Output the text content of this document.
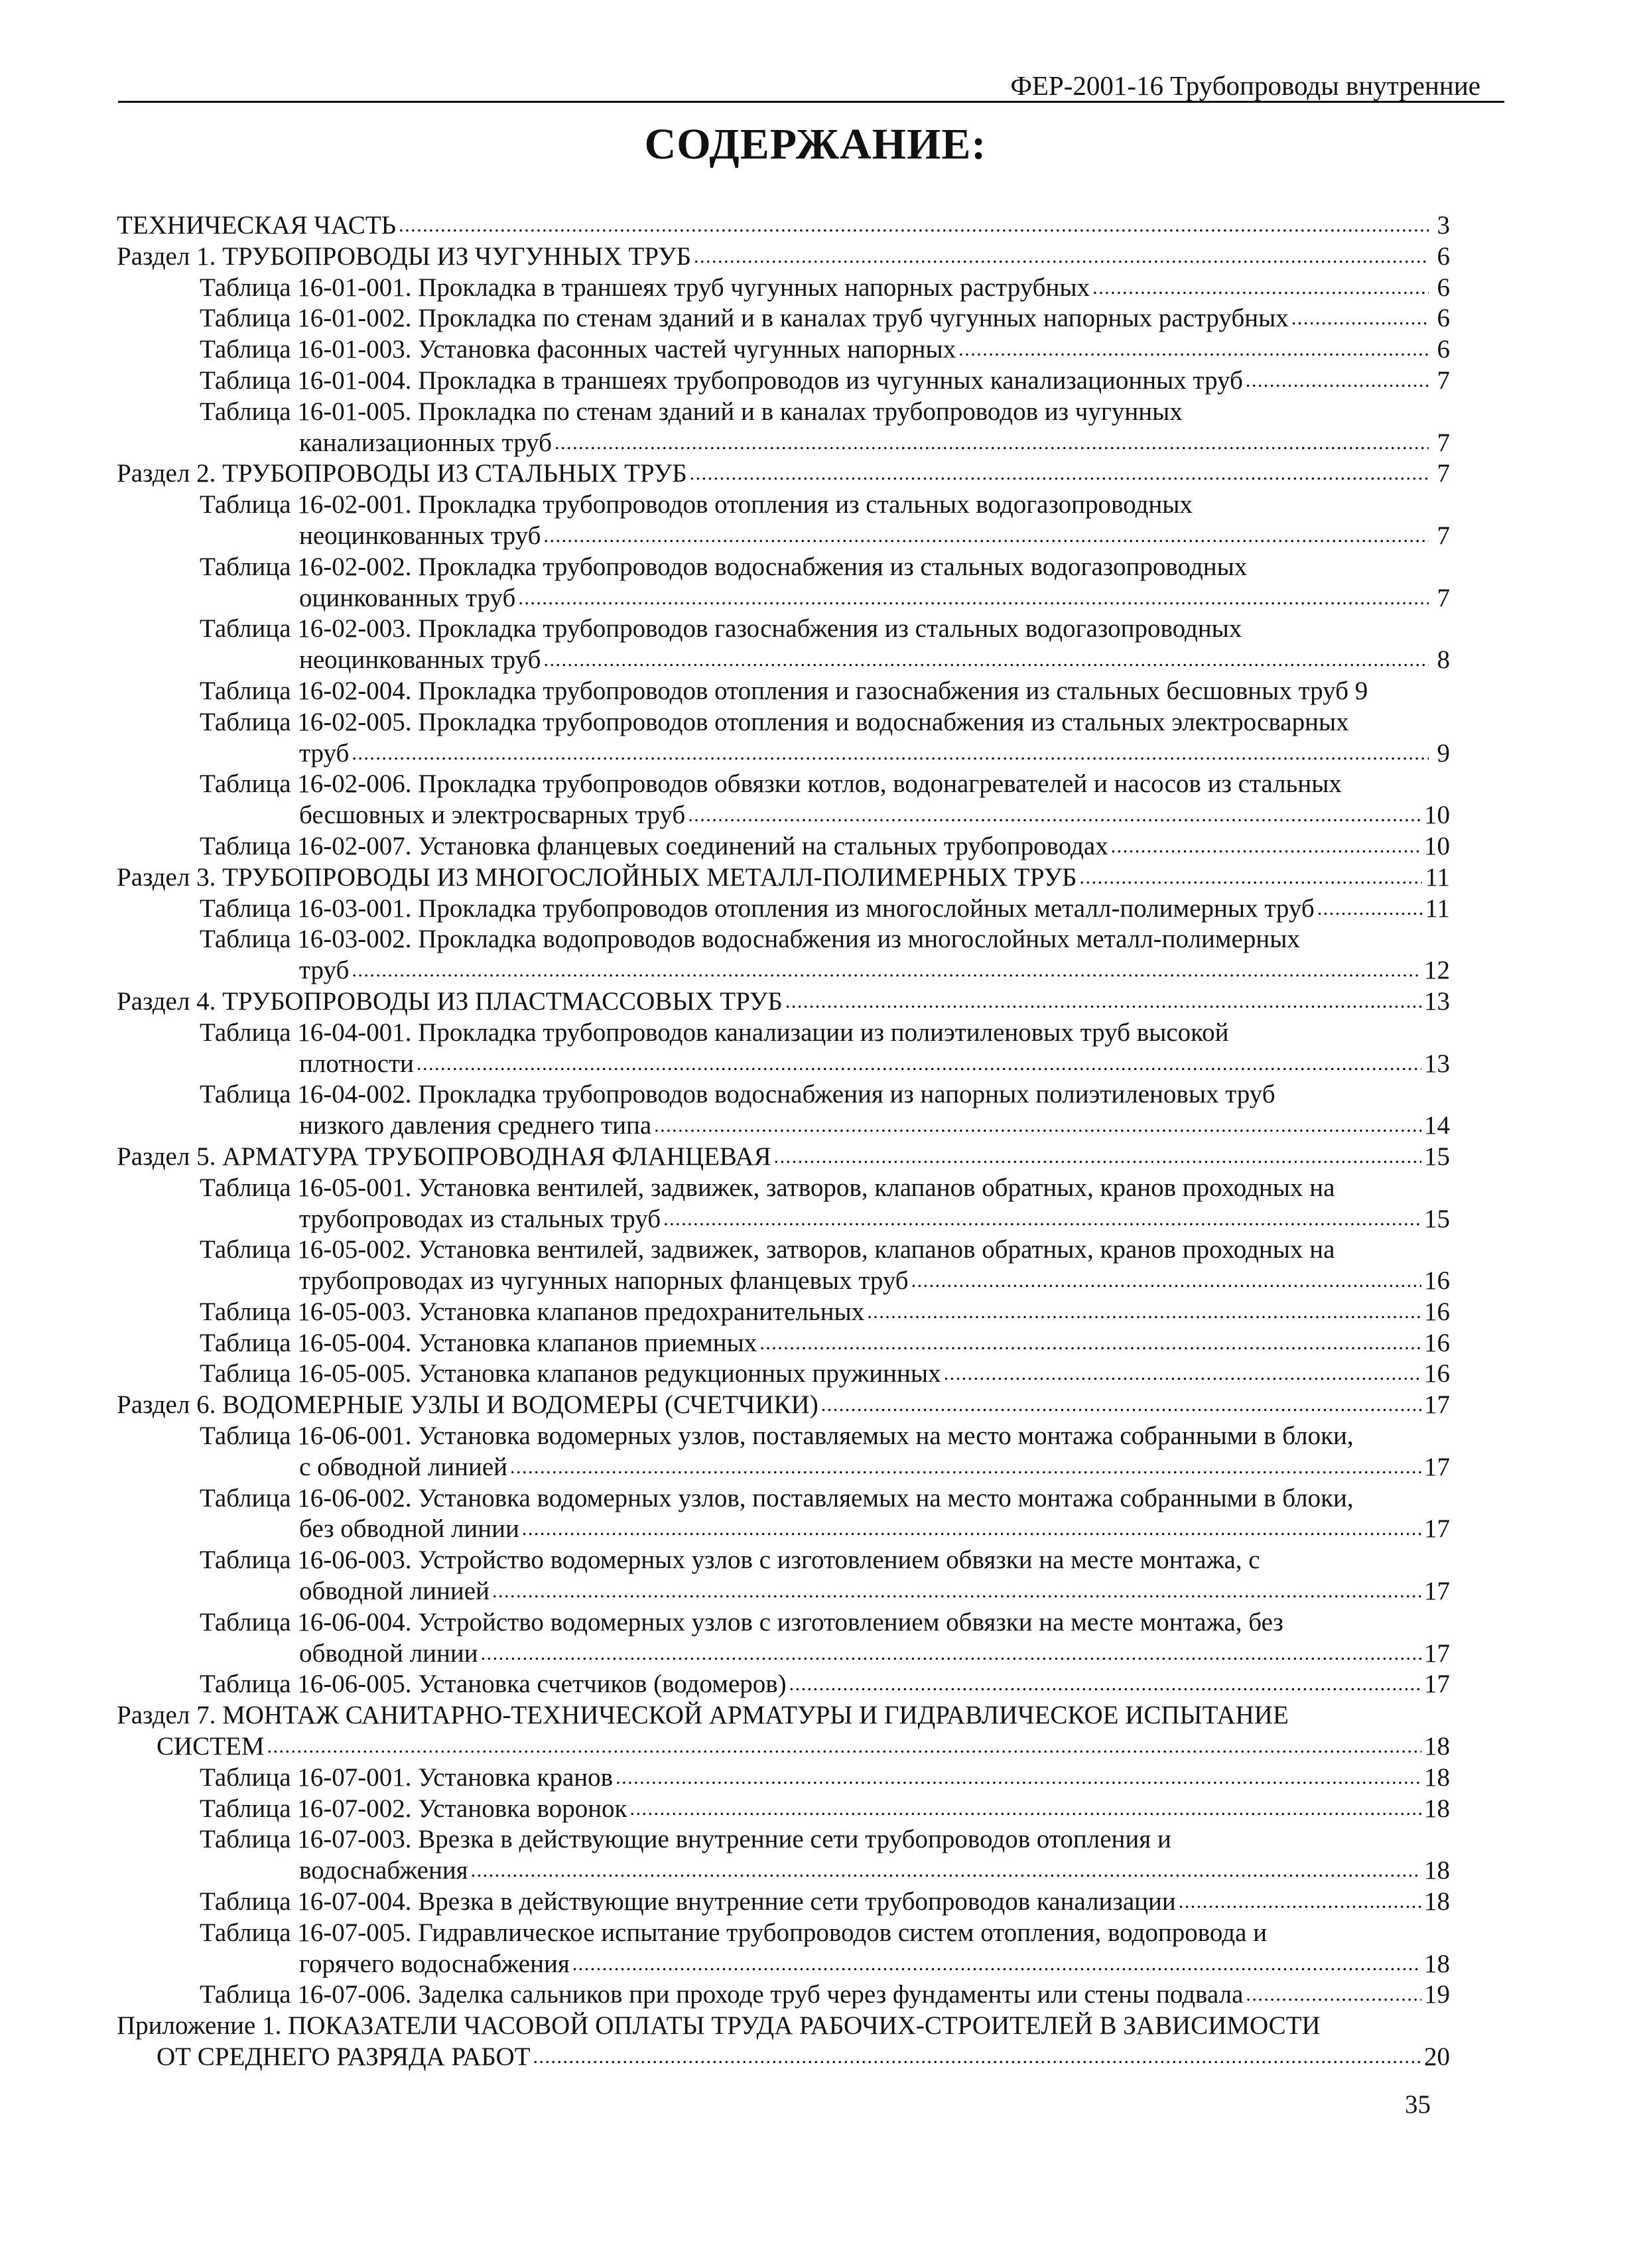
ФЕР-2001-16 Трубопроводы внутренние
СОДЕРЖАНИЕ:
ТЕХНИЧЕСКАЯ ЧАСТЬ . . .	3
Раздел 1. ТРУБОПРОВОДЫ ИЗ ЧУГУННЫХ ТРУБ . . .	6
Таблица 16-01-001. Прокладка в траншеях труб чугунных напорных раструбных . . .	6
Таблица 16-01-002. Прокладка по стенам зданий и в каналах труб чугунных напорных раструбных . . .	6
Таблица 16-01-003. Установка фасонных частей чугунных напорных . . .	6
Таблица 16-01-004. Прокладка в траншеях трубопроводов из чугунных канализационных труб . . .	7
Таблица 16-01-005. Прокладка по стенам зданий и в каналах трубопроводов из чугунных
канализационных труб . . .	7
Раздел 2. ТРУБОПРОВОДЫ ИЗ СТАЛЬНЫХ ТРУБ . . .	7
Таблица 16-02-001. Прокладка трубопроводов отопления из стальных водогазопроводных
неоцинкованных труб . . .	7
Таблица 16-02-002. Прокладка трубопроводов водоснабжения из стальных водогазопроводных
оцинкованных труб . . .	7
Таблица 16-02-003. Прокладка трубопроводов газоснабжения из стальных водогазопроводных
неоцинкованных труб . . .	8
Таблица 16-02-004. Прокладка трубопроводов отопления и газоснабжения из стальных бесшовных труб 9
Таблица 16-02-005. Прокладка трубопроводов отопления и водоснабжения из стальных электросварных
труб . . .	9
Таблица 16-02-006. Прокладка трубопроводов обвязки котлов, водонагревателей и насосов из стальных
бесшовных и электросварных труб . . .	10
Таблица 16-02-007. Установка фланцевых соединений на стальных трубопроводах . . .	10
Раздел 3. ТРУБОПРОВОДЫ ИЗ МНОГОСЛОЙНЫХ МЕТАЛЛ-ПОЛИМЕРНЫХ ТРУБ . . .	11
Таблица 16-03-001. Прокладка трубопроводов отопления из многослойных металл-полимерных труб . . .	11
Таблица 16-03-002. Прокладка водопроводов водоснабжения из многослойных металл-полимерных
труб . . .	12
Раздел 4. ТРУБОПРОВОДЫ ИЗ ПЛАСТМАССОВЫХ ТРУБ . . .	13
Таблица 16-04-001. Прокладка трубопроводов канализации из полиэтиленовых труб высокой
плотности . . .	13
Таблица 16-04-002. Прокладка трубопроводов водоснабжения из напорных полиэтиленовых труб
низкого давления среднего типа . . .	14
Раздел 5. АРМАТУРА ТРУБОПРОВОДНАЯ ФЛАНЦЕВАЯ . . .	15
Таблица 16-05-001. Установка вентилей, задвижек, затворов, клапанов обратных, кранов проходных на
трубопроводах из стальных труб . . .	15
Таблица 16-05-002. Установка вентилей, задвижек, затворов, клапанов обратных, кранов проходных на
трубопроводах из чугунных напорных фланцевых труб . . .	16
Таблица 16-05-003. Установка клапанов предохранительных . . .	16
Таблица 16-05-004. Установка клапанов приемных . . .	16
Таблица 16-05-005. Установка клапанов редукционных пружинных . . .	16
Раздел 6. ВОДОМЕРНЫЕ УЗЛЫ И ВОДОМЕРЫ (СЧЕТЧИКИ) . . .	17
Таблица 16-06-001. Установка водомерных узлов, поставляемых на место монтажа собранными в блоки,
с обводной линией . . .	17
Таблица 16-06-002. Установка водомерных узлов, поставляемых на место монтажа собранными в блоки,
без обводной линии . . .	17
Таблица 16-06-003. Устройство водомерных узлов с изготовлением обвязки на месте монтажа, с
обводной линией . . .	17
Таблица 16-06-004. Устройство водомерных узлов с изготовлением обвязки на месте монтажа, без
обводной линии . . .	17
Таблица 16-06-005. Установка счетчиков (водомеров) . . .	17
Раздел 7. МОНТАЖ САНИТАРНО-ТЕХНИЧЕСКОЙ АРМАТУРЫ И ГИДРАВЛИЧЕСКОЕ ИСПЫТАНИЕ
СИСТЕМ . . .	18
Таблица 16-07-001. Установка кранов . . .	18
Таблица 16-07-002. Установка воронок . . .	18
Таблица 16-07-003. Врезка в действующие внутренние сети трубопроводов отопления и
водоснабжения . . .	18
Таблица 16-07-004. Врезка в действующие внутренние сети трубопроводов канализации . . .	18
Таблица 16-07-005. Гидравлическое испытание трубопроводов систем отопления, водопровода и
горячего водоснабжения . . .	18
Таблица 16-07-006. Заделка сальников при проходе труб через фундаменты или стены подвала . . .	19
Приложение 1. ПОКАЗАТЕЛИ ЧАСОВОЙ ОПЛАТЫ ТРУДА РАБОЧИХ-СТРОИТЕЛЕЙ В ЗАВИСИМОСТИ
ОТ СРЕДНЕГО РАЗРЯДА РАБОТ . . .	20
35
